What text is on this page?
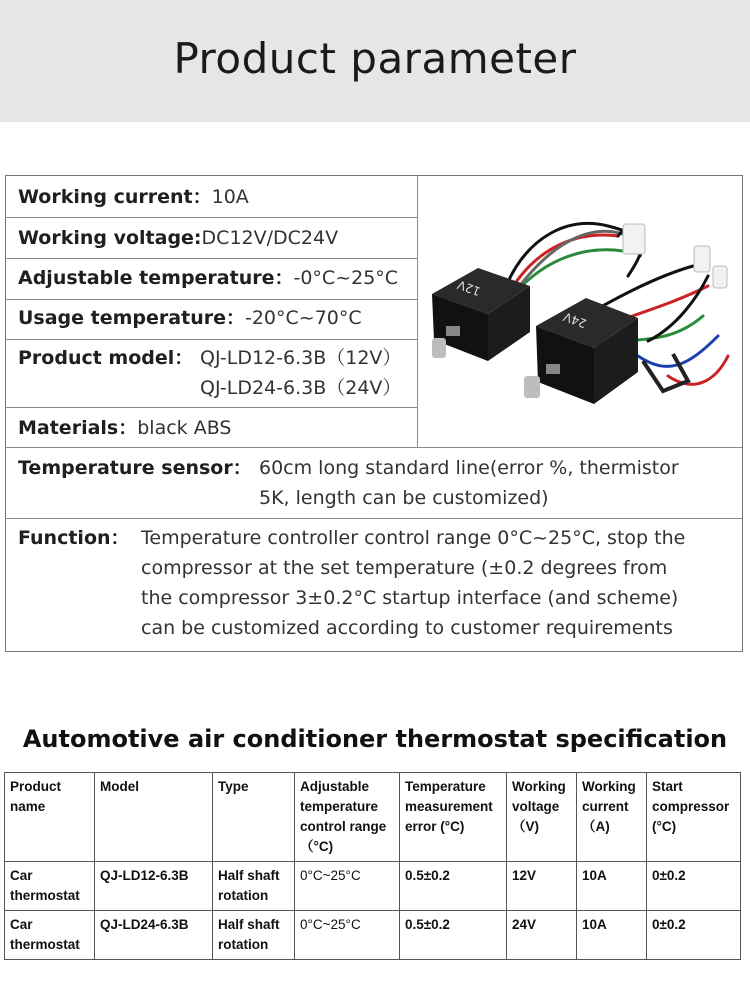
Product parameter
Working current：10A
Working voltage:DC12V/DC24V
Adjustable temperature：-0°C~25°C
Usage temperature：-20°C~70°C
Product model： QJ-LD12-6.3B（12V）
QJ-LD24-6.3B（24V）
Materials：black ABS
Temperature sensor： 60cm long standard line(error %, thermistor
5K, length can be customized)
Function： Temperature controller control range 0°C~25°C, stop the
compressor at the set temperature (±0.2 degrees from
the compressor 3±0.2°C startup interface (and scheme)
can be customized according to customer requirements
12V
24V
Automotive air conditioner thermostat specification
Product
name	Model	Type	Adjustable
temperature
control range
（°C)	Temperature
measurement
error (°C)	Working
voltage
（V)	Working
current
（A)	Start
compressor
(°C)
Car
thermostat	QJ-LD12-6.3B	Half shaft
rotation	0°C~25°C	0.5±0.2	12V	10A	0±0.2
Car
thermostat	QJ-LD24-6.3B	Half shaft
rotation	0°C~25°C	0.5±0.2	24V	10A	0±0.2
